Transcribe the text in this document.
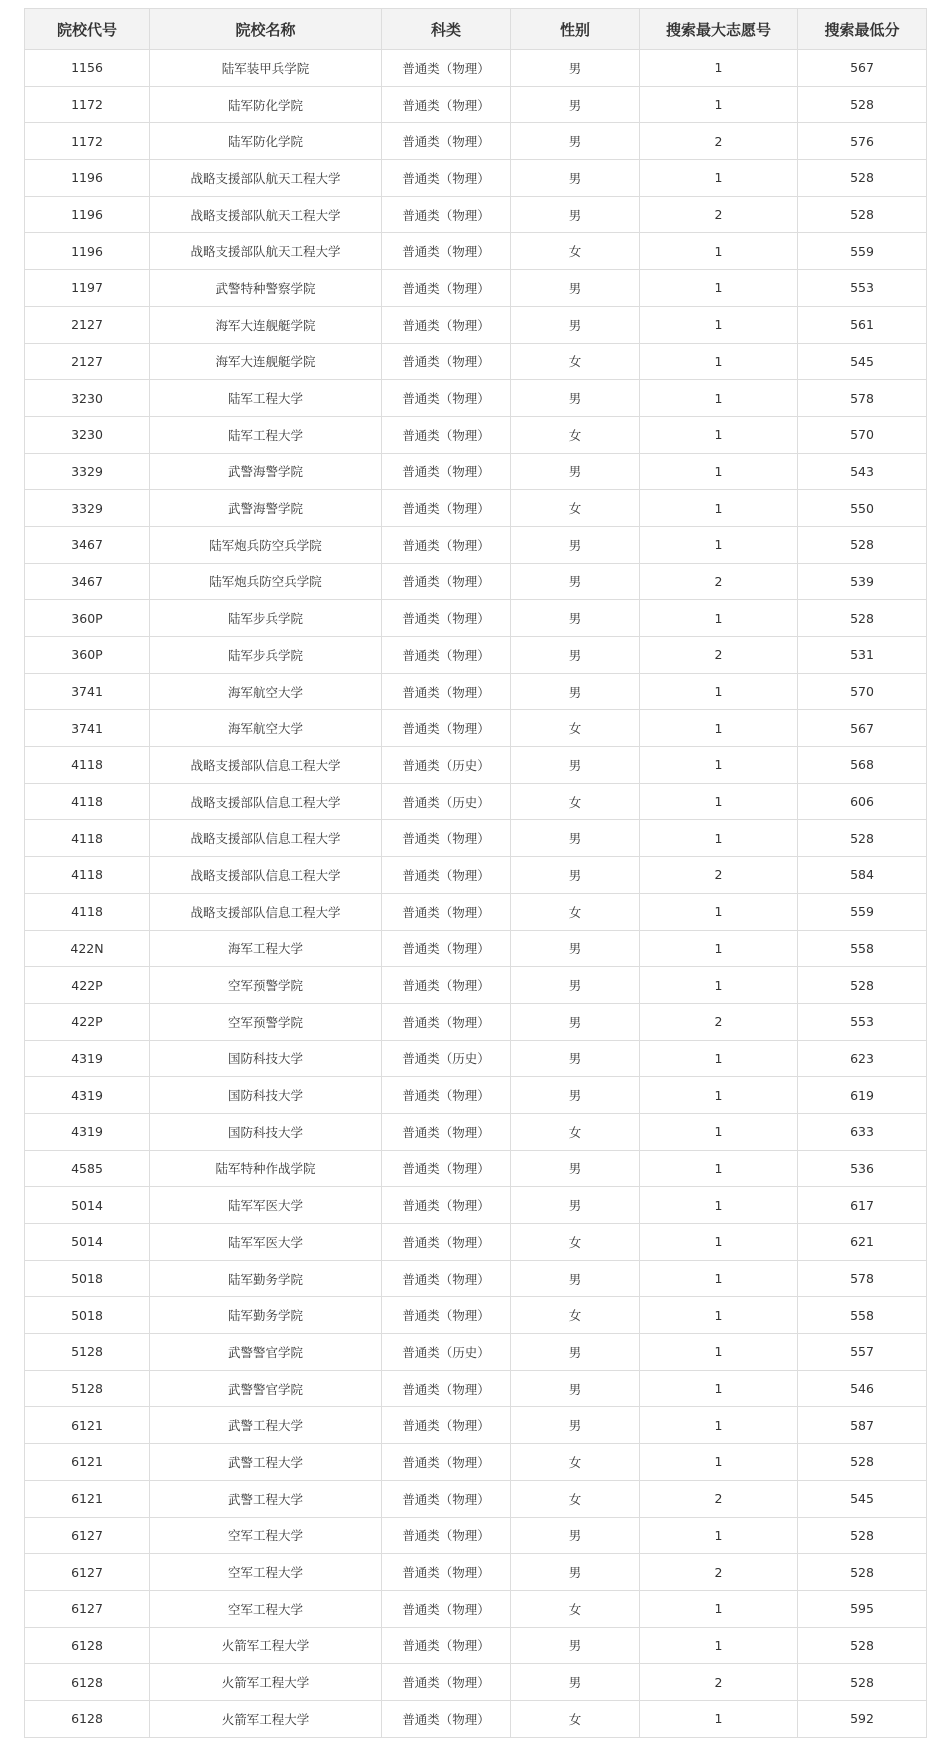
院校代号	院校名称	科类	性别	搜索最大志愿号	搜索最低分
1156	陆军装甲兵学院	普通类（物理）	男	1	567
1172	陆军防化学院	普通类（物理）	男	1	528
1172	陆军防化学院	普通类（物理）	男	2	576
1196	战略支援部队航天工程大学	普通类（物理）	男	1	528
1196	战略支援部队航天工程大学	普通类（物理）	男	2	528
1196	战略支援部队航天工程大学	普通类（物理）	女	1	559
1197	武警特种警察学院	普通类（物理）	男	1	553
2127	海军大连舰艇学院	普通类（物理）	男	1	561
2127	海军大连舰艇学院	普通类（物理）	女	1	545
3230	陆军工程大学	普通类（物理）	男	1	578
3230	陆军工程大学	普通类（物理）	女	1	570
3329	武警海警学院	普通类（物理）	男	1	543
3329	武警海警学院	普通类（物理）	女	1	550
3467	陆军炮兵防空兵学院	普通类（物理）	男	1	528
3467	陆军炮兵防空兵学院	普通类（物理）	男	2	539
360P	陆军步兵学院	普通类（物理）	男	1	528
360P	陆军步兵学院	普通类（物理）	男	2	531
3741	海军航空大学	普通类（物理）	男	1	570
3741	海军航空大学	普通类（物理）	女	1	567
4118	战略支援部队信息工程大学	普通类（历史）	男	1	568
4118	战略支援部队信息工程大学	普通类（历史）	女	1	606
4118	战略支援部队信息工程大学	普通类（物理）	男	1	528
4118	战略支援部队信息工程大学	普通类（物理）	男	2	584
4118	战略支援部队信息工程大学	普通类（物理）	女	1	559
422N	海军工程大学	普通类（物理）	男	1	558
422P	空军预警学院	普通类（物理）	男	1	528
422P	空军预警学院	普通类（物理）	男	2	553
4319	国防科技大学	普通类（历史）	男	1	623
4319	国防科技大学	普通类（物理）	男	1	619
4319	国防科技大学	普通类（物理）	女	1	633
4585	陆军特种作战学院	普通类（物理）	男	1	536
5014	陆军军医大学	普通类（物理）	男	1	617
5014	陆军军医大学	普通类（物理）	女	1	621
5018	陆军勤务学院	普通类（物理）	男	1	578
5018	陆军勤务学院	普通类（物理）	女	1	558
5128	武警警官学院	普通类（历史）	男	1	557
5128	武警警官学院	普通类（物理）	男	1	546
6121	武警工程大学	普通类（物理）	男	1	587
6121	武警工程大学	普通类（物理）	女	1	528
6121	武警工程大学	普通类（物理）	女	2	545
6127	空军工程大学	普通类（物理）	男	1	528
6127	空军工程大学	普通类（物理）	男	2	528
6127	空军工程大学	普通类（物理）	女	1	595
6128	火箭军工程大学	普通类（物理）	男	1	528
6128	火箭军工程大学	普通类（物理）	男	2	528
6128	火箭军工程大学	普通类（物理）	女	1	592
